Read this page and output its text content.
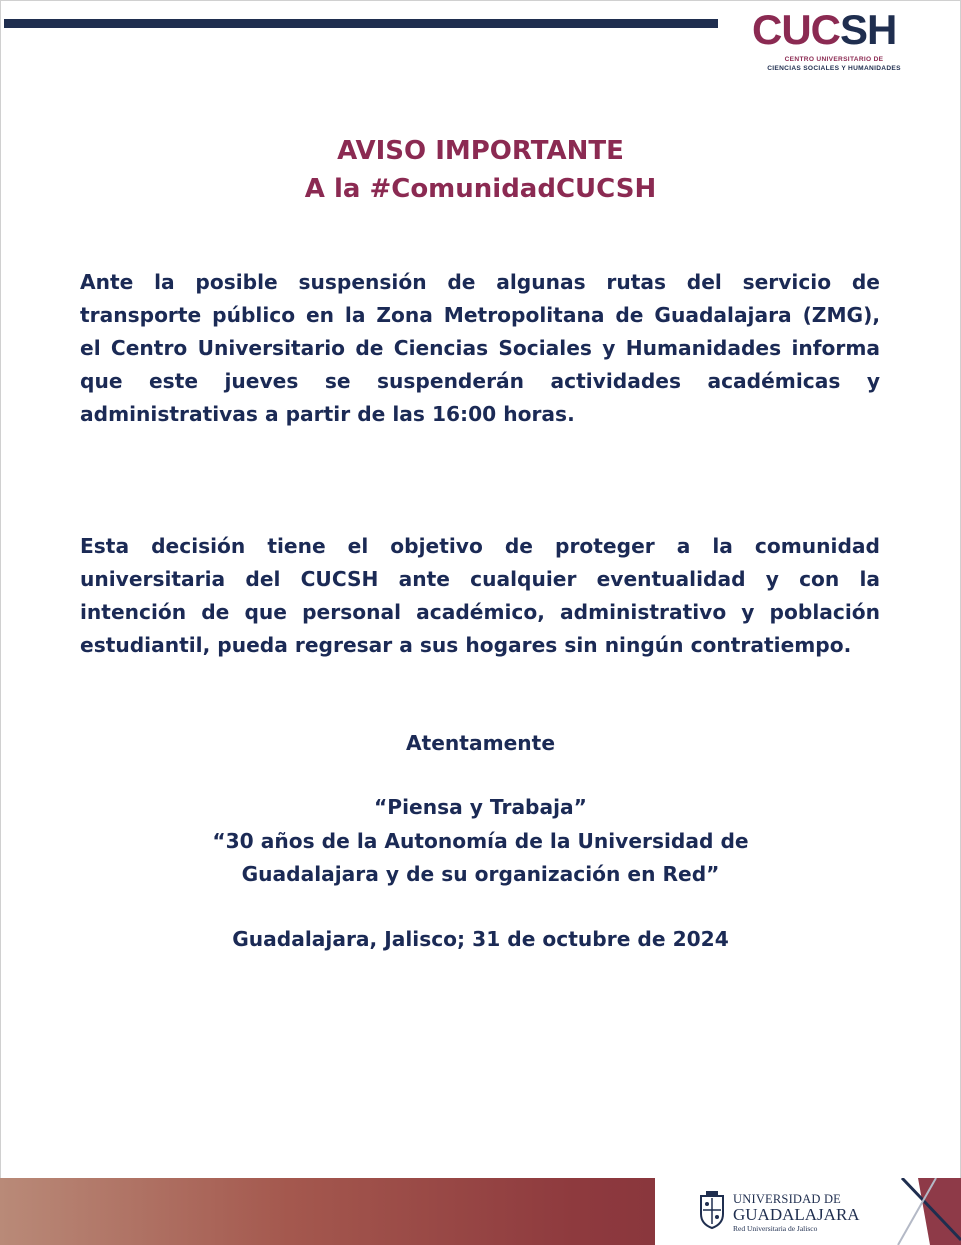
CUCSH
CENTRO UNIVERSITARIO DE
CIENCIAS SOCIALES Y HUMANIDADES
AVISO IMPORTANTE
A la #ComunidadCUCSH
Ante la posible suspensión de algunas rutas del servicio de
transporte público en la Zona Metropolitana de Guadalajara (ZMG),
el Centro Universitario de Ciencias Sociales y Humanidades informa
que este jueves se suspenderán actividades académicas y
administrativas a partir de las 16:00 horas.
Esta decisión tiene el objetivo de proteger a la comunidad
universitaria del CUCSH ante cualquier eventualidad y con la
intención de que personal académico, administrativo y población
estudiantil, pueda regresar a sus hogares sin ningún contratiempo.
Atentamente
“Piensa y Trabaja”
“30 años de la Autonomía de la Universidad de
Guadalajara y de su organización en Red”
Guadalajara, Jalisco; 31 de octubre de 2024
UNIVERSIDAD DE
GUADALAJARA
Red Universitaria de Jalisco
